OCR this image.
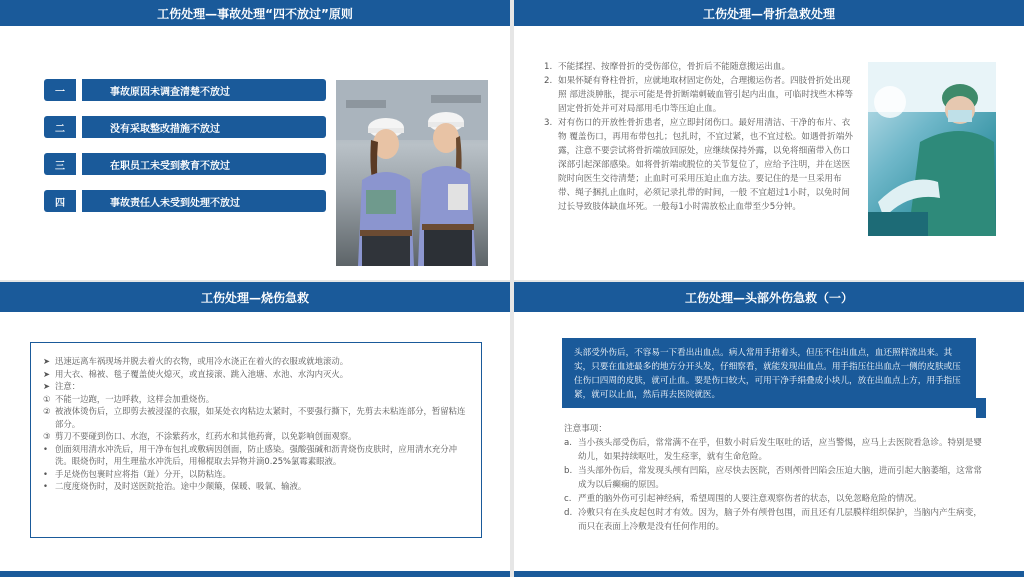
工伤处理—事故处理“四不放过”原则
一	事故原因未调查清楚不放过
二	没有采取整改措施不放过
三	在职员工未受到教育不放过
四	事故责任人未受到处理不放过
工伤处理—骨折急救处理
1. 不能揉捏、按摩骨折的受伤部位，骨折后不能随意搬运出血。
2. 如果怀疑有脊柱骨折，应就地取材固定伤处，合理搬运伤者。四肢骨折处出现照 部进淡肿胀，提示可能是骨折断端刺破血管引起内出血，可临时找些木棒等固定骨折处并可对局部用毛巾等压迫止血。
3. 对有伤口的开放性骨折患者，应立即封闭伤口。最好用清洁、干净的布片、衣物 覆盖伤口，再用布带包扎；包扎时，不宜过紧，也不宜过松。如遇骨折端外露，注意不要尝试将骨折端放回原处，应继续保持外露，以免将细菌带入伤口深部引起深部感染。如将骨折端或脱位的关节复位了，应给予注明，并在送医院时向医生交待清楚；止血时可采用压迫止血方法。要记住的是一旦采用布带、绳子捆扎止血时，必须记录扎带的时间，一般 不宜超过1小时，以免时间过长导致肢体缺血坏死。一般每1小时需放松止血带至少5分钟。
工伤处理—烧伤急救
➤ 迅速远离车祸现场并脱去着火的衣物，或用冷水浇正在着火的衣服或就地滚动。
➤ 用大衣、棉被、毯子覆盖使火熄灭，或直接滚、跳入池塘、水池、水沟内灭火。
➤ 注意：
① 不能一边跑，一边呼救，这样会加重烧伤。
② 被液体烫伤后，立即剪去被浸湿的衣服，如某处衣肉粘边太紧时，不要强行撕下，先剪去未粘连部分，暂留粘连部分。
③ 剪刀不要碰到伤口、水泡，不涂紫药水，红药水和其他药膏，以免影响创面观察。
• 创面须用清水冲洗后，用干净布包扎或敷病因创面，防止感染。强酸强碱和沥青烧伤皮肤时，应用清水充分冲洗。眼烧伤时，用生理盐水冲洗后，用棉棍取去异物并滴0.25%氯霉素眼液。
• 手足烧伤包裹时应将指（趾）分开，以防粘连。
• 二度度烧伤时，及时送医院抢治。途中少颠簸，保暖、吸氧、输液。
工伤处理—头部外伤急救（一）
头部受外伤后，不容易一下看出出血点。病人常用手捂着头，但压不住出血点，血还照样流出来。其实，只要在血迹最多的地方分开头发，仔细察看，就能发现出血点。用手指压住出血点一侧的皮肤或压住伤口四周的皮肤，就可止血。要是伤口较大，可用干净手绢叠成小块儿，放在出血点上方，用手指压紧，就可以止血，然后再去医院就医。
注意事项：
a. 当小孩头部受伤后，常常满不在乎，但数小时后发生呕吐的话，应当警惕，应马上去医院看急诊。特别是婴幼儿，如果持续呕吐，发生痉挛，就有生命危险。
b. 当头部外伤后，常发现头颅有凹陷，应尽快去医院，否则颅骨凹陷会压迫大脑，进而引起大脑萎缩，这常常成为以后癫痫的原因。
c. 严重的脑外伤可引起神经病，希望周围的人要注意观察伤者的状态，以免忽略危险的情况。
d. 冷敷只有在头皮起包时才有效。因为，脑子外有颅骨包围，而且还有几层膜样组织保护，当脑内产生病变，而只在表面上冷敷是没有任何作用的。
